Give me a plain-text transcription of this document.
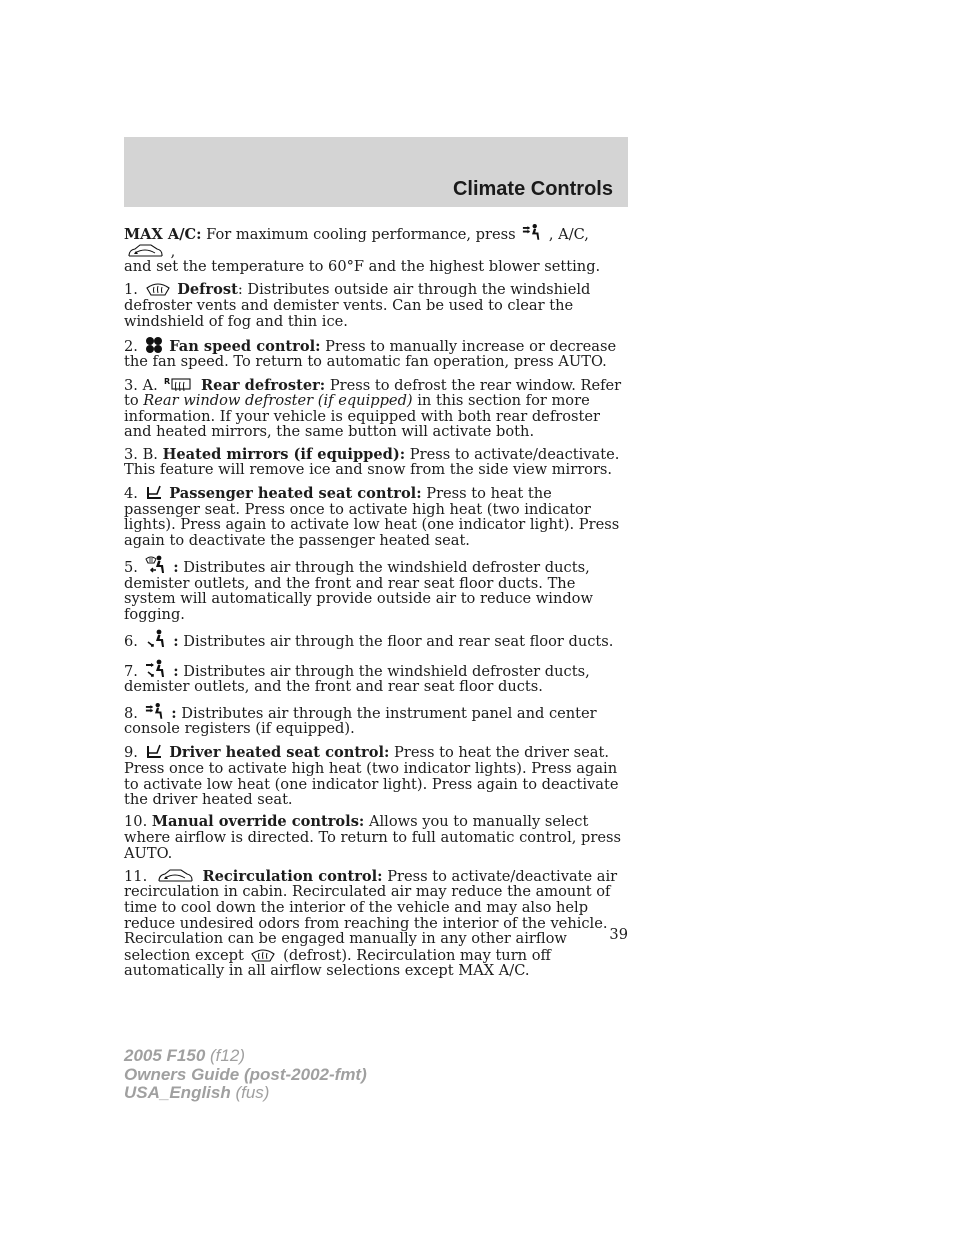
Climate Controls

MAX A/C: For maximum cooling performance, press
, A/C,
,
and set the temperature to 60°F and the highest blower setting.

1.	Defrost: Distributes outside air through the windshield defroster vents and demister vents. Can be used to clear the windshield of fog and thin ice.

2. Fan speed control: Press to manually increase or decrease the fan speed. To return to automatic fan operation, press AUTO.

3. A. R Rear defroster: Press to defrost the rear window. Refer to Rear window defroster (if equipped) in this section for more information. If your vehicle is equipped with both rear defroster and heated mirrors, the same button will activate both.

3. B. Heated mirrors (if equipped): Press to activate/deactivate. This feature will remove ice and snow from the side view mirrors.

4. Passenger heated seat control: Press to heat the passenger seat. Press once to activate high heat (two indicator lights). Press again to activate low heat (one indicator light). Press again to deactivate the passenger heated seat.

5. : Distributes air through the windshield defroster ducts, demister outlets, and the front and rear seat floor ducts. The system will automatically provide outside air to reduce window fogging.

6. : Distributes air through the floor and rear seat floor ducts.

7. : Distributes air through the windshield defroster ducts, demister outlets, and the front and rear seat floor ducts.

8. : Distributes air through the instrument panel and center console registers (if equipped).

9. Driver heated seat control: Press to heat the driver seat. Press once to activate high heat (two indicator lights). Press again to activate low heat (one indicator light). Press again to deactivate the driver heated seat.

10. Manual override controls: Allows you to manually select where airflow is directed. To return to full automatic control, press AUTO.

11.	Recirculation control: Press to activate/deactivate air recirculation in cabin. Recirculated air may reduce the amount of time to cool down the interior of the vehicle and may also help reduce undesired odors from reaching the interior of the vehicle. Recirculation can be engaged manually in any other airflow selection except
(defrost). Recirculation may turn off automatically in all airflow selections except MAX A/C.

39
2005 F150 (f12)
Owners Guide (post-2002-fmt)
USA_English (fus)
